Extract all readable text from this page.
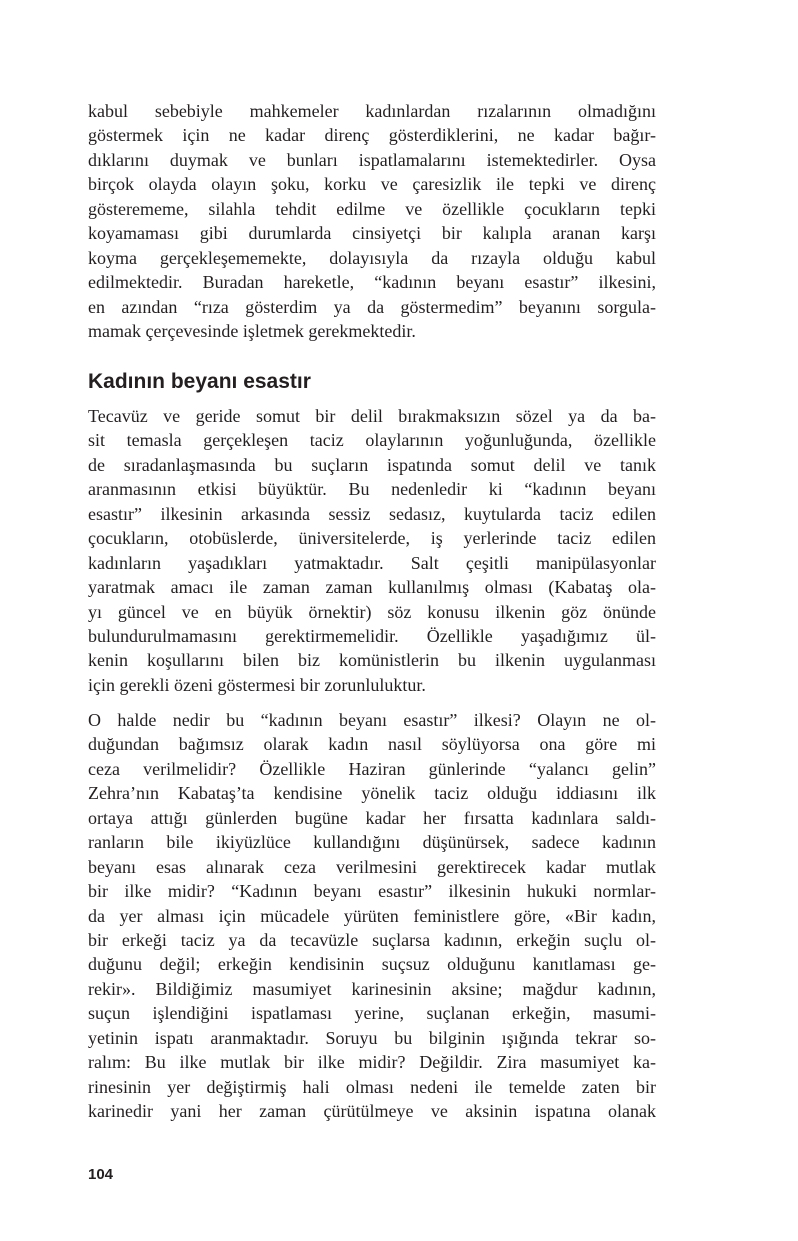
kabul sebebiyle mahkemeler kadınlardan rızalarının olmadığını
göstermek için ne kadar direnç gösterdiklerini, ne kadar bağır-
dıklarını duymak ve bunları ispatlamalarını istemektedirler. Oysa
birçok olayda olayın şoku, korku ve çaresizlik ile tepki ve direnç
gösterememe, silahla tehdit edilme ve özellikle çocukların tepki
koyamaması gibi durumlarda cinsiyetçi bir kalıpla aranan karşı
koyma gerçekleşememekte, dolayısıyla da rızayla olduğu kabul
edilmektedir. Buradan hareketle, “kadının beyanı esastır” ilkesini,
en azından “rıza gösterdim ya da göstermedim” beyanını sorgula-
mamak çerçevesinde işletmek gerekmektedir.
Kadının beyanı esastır
Tecavüz ve geride somut bir delil bırakmaksızın sözel ya da ba-
sit temasla gerçekleşen taciz olaylarının yoğunluğunda, özellikle
de sıradanlaşmasında bu suçların ispatında somut delil ve tanık
aranmasının etkisi büyüktür. Bu nedenledir ki “kadının beyanı
esastır” ilkesinin arkasında sessiz sedasız, kuytularda taciz edilen
çocukların, otobüslerde, üniversitelerde, iş yerlerinde taciz edilen
kadınların yaşadıkları yatmaktadır. Salt çeşitli manipülasyonlar
yaratmak amacı ile zaman zaman kullanılmış olması (Kabataş ola-
yı güncel ve en büyük örnektir) söz konusu ilkenin göz önünde
bulundurulmamasını gerektirmemelidir. Özellikle yaşadığımız ül-
kenin koşullarını bilen biz komünistlerin bu ilkenin uygulanması
için gerekli özeni göstermesi bir zorunluluktur.
O halde nedir bu “kadının beyanı esastır” ilkesi? Olayın ne ol-
duğundan bağımsız olarak kadın nasıl söylüyorsa ona göre mi
ceza verilmelidir? Özellikle Haziran günlerinde “yalancı gelin”
Zehra’nın Kabataş’ta kendisine yönelik taciz olduğu iddiasını ilk
ortaya attığı günlerden bugüne kadar her fırsatta kadınlara saldı-
ranların bile ikiyüzlüce kullandığını düşünürsek, sadece kadının
beyanı esas alınarak ceza verilmesini gerektirecek kadar mutlak
bir ilke midir? “Kadının beyanı esastır” ilkesinin hukuki normlar-
da yer alması için mücadele yürüten feministlere göre, «Bir kadın,
bir erkeği taciz ya da tecavüzle suçlarsa kadının, erkeğin suçlu ol-
duğunu değil; erkeğin kendisinin suçsuz olduğunu kanıtlaması ge-
rekir». Bildiğimiz masumiyet karinesinin aksine; mağdur kadının,
suçun işlendiğini ispatlaması yerine, suçlanan erkeğin, masumi-
yetinin ispatı aranmaktadır. Soruyu bu bilginin ışığında tekrar so-
ralım: Bu ilke mutlak bir ilke midir? Değildir. Zira masumiyet ka-
rinesinin yer değiştirmiş hali olması nedeni ile temelde zaten bir
karinedir yani her zaman çürütülmeye ve aksinin ispatına olanak
104
